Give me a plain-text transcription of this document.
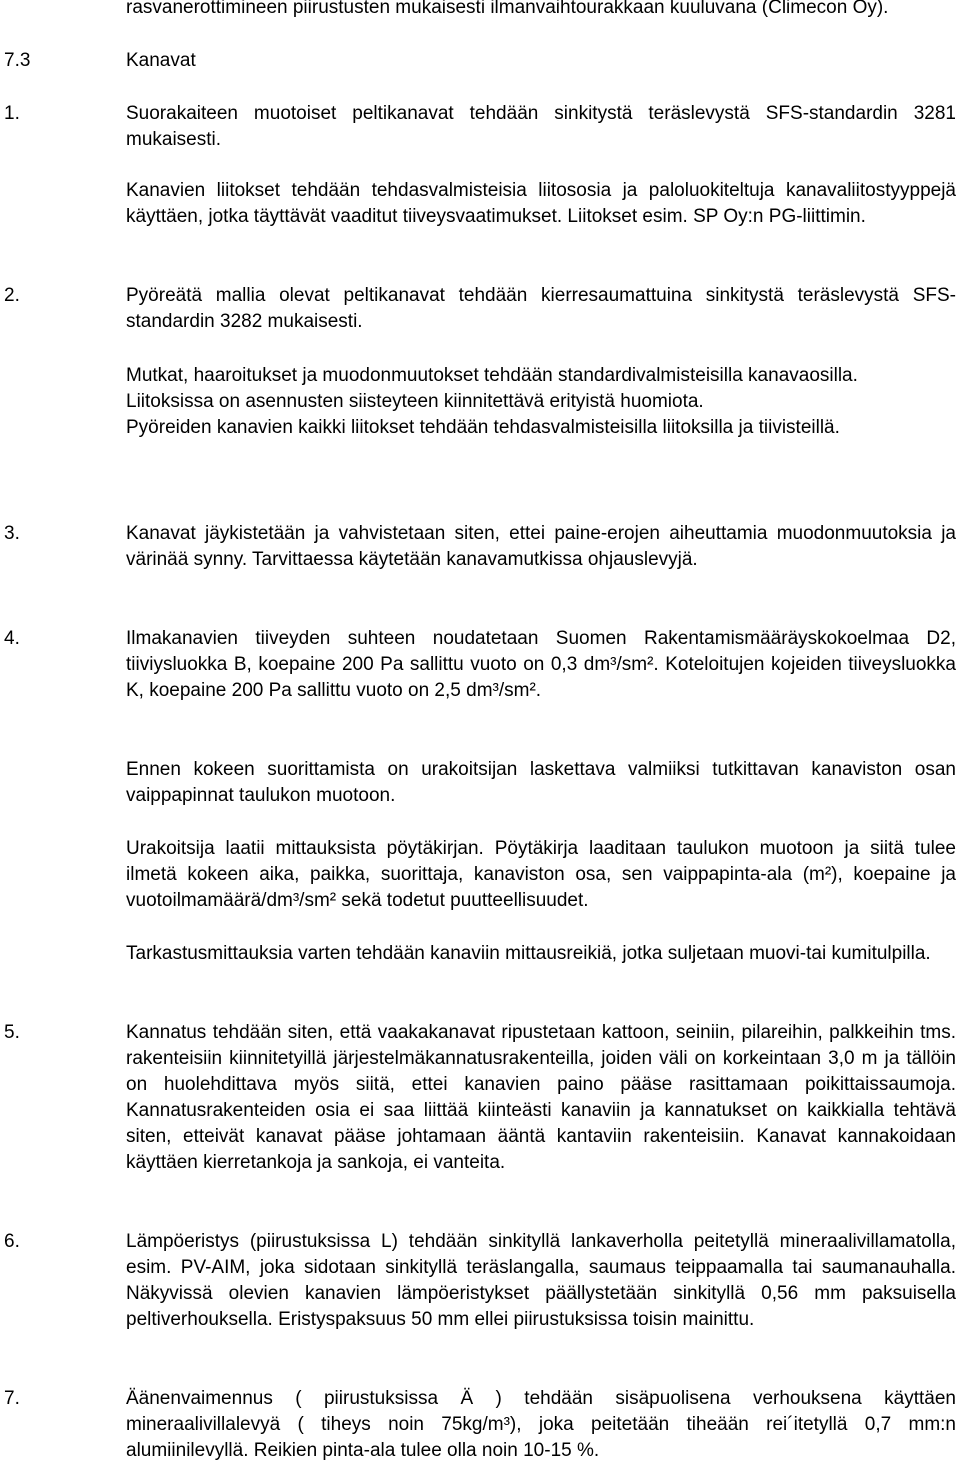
rasvanerottimineen piirustusten mukaisesti ilmanvaihtourakkaan kuuluvana (Climecon Oy).

7.3	Kanavat
1.	Suorakaiteen muotoiset peltikanavat tehdään sinkitystä teräslevystä SFS-standardin 3281 mukaisesti.

Kanavien liitokset tehdään tehdasvalmisteisia liitososia ja paloluokiteltuja kanavaliitostyyppejä käyttäen, jotka täyttävät vaaditut tiiveysvaatimukset. Liitokset esim. SP Oy:n PG-liittimin.

2.	Pyöreätä mallia olevat peltikanavat tehdään kierresaumattuina sinkitystä teräslevystä SFS-standardin 3282 mukaisesti.

Mutkat, haaroitukset ja muodonmuutokset tehdään standardivalmisteisilla kanavaosilla.

Liitoksissa on asennusten siisteyteen kiinnitettävä erityistä huomiota.

Pyöreiden kanavien kaikki liitokset tehdään tehdasvalmisteisilla liitoksilla ja tiivisteillä.

3.	Kanavat jäykistetään ja vahvistetaan siten, ettei paine-erojen aiheuttamia muodonmuutoksia ja värinää synny. Tarvittaessa käytetään kanavamutkissa ohjauslevyjä.

4.	Ilmakanavien tiiveyden suhteen noudatetaan Suomen Rakentamismääräyskokoelmaa D2, tiiviysluokka B, koepaine 200 Pa sallittu vuoto on 0,3 dm³/sm². Koteloitujen kojeiden tiiveysluokka K, koepaine 200 Pa sallittu vuoto on 2,5 dm³/sm².

Ennen kokeen suorittamista on urakoitsijan laskettava valmiiksi tutkittavan kanaviston osan vaippapinnat taulukon muotoon.

Urakoitsija laatii mittauksista pöytäkirjan. Pöytäkirja laaditaan taulukon muotoon ja siitä tulee ilmetä kokeen aika, paikka, suorittaja, kanaviston osa, sen vaippapinta-ala (m²), koepaine ja vuotoilmamäärä/dm³/sm² sekä todetut puutteellisuudet.

Tarkastusmittauksia varten tehdään kanaviin mittausreikiä, jotka suljetaan muovi-tai kumitulpilla.

5.	Kannatus tehdään siten, että vaakakanavat ripustetaan kattoon, seiniin, pilareihin, palkkeihin tms. rakenteisiin kiinnitetyillä järjestelmäkannatusrakenteilla, joiden väli on korkeintaan 3,0 m ja tällöin on huolehdittava myös siitä, ettei kanavien paino pääse rasittamaan poikittaissaumoja. Kannatusrakenteiden osia ei saa liittää kiinteästi kanaviin ja kannatukset on kaikkialla tehtävä siten, etteivät kanavat pääse johtamaan ääntä kantaviin rakenteisiin. Kanavat kannakoidaan käyttäen kierretankoja ja sankoja, ei vanteita.

6.	Lämpöeristys (piirustuksissa L) tehdään sinkityllä lankaverholla peitetyllä mineraalivillamatolla, esim. PV-AIM, joka sidotaan sinkityllä teräslangalla, saumaus teippaamalla tai saumanauhalla. Näkyvissä olevien kanavien lämpöeristykset päällystetään sinkityllä 0,56 mm paksuisella peltiverhouksella. Eristyspaksuus 50 mm ellei piirustuksissa toisin mainittu.

7.	Äänenvaimennus ( piirustuksissa Ä ) tehdään sisäpuolisena verhouksena käyttäen mineraalivillalevyä ( tiheys noin 75kg/m³), joka peitetään tiheään rei´itetyllä 0,7 mm:n alumiinilevyllä. Reikien pinta-ala tulee olla noin 10-15 %.
